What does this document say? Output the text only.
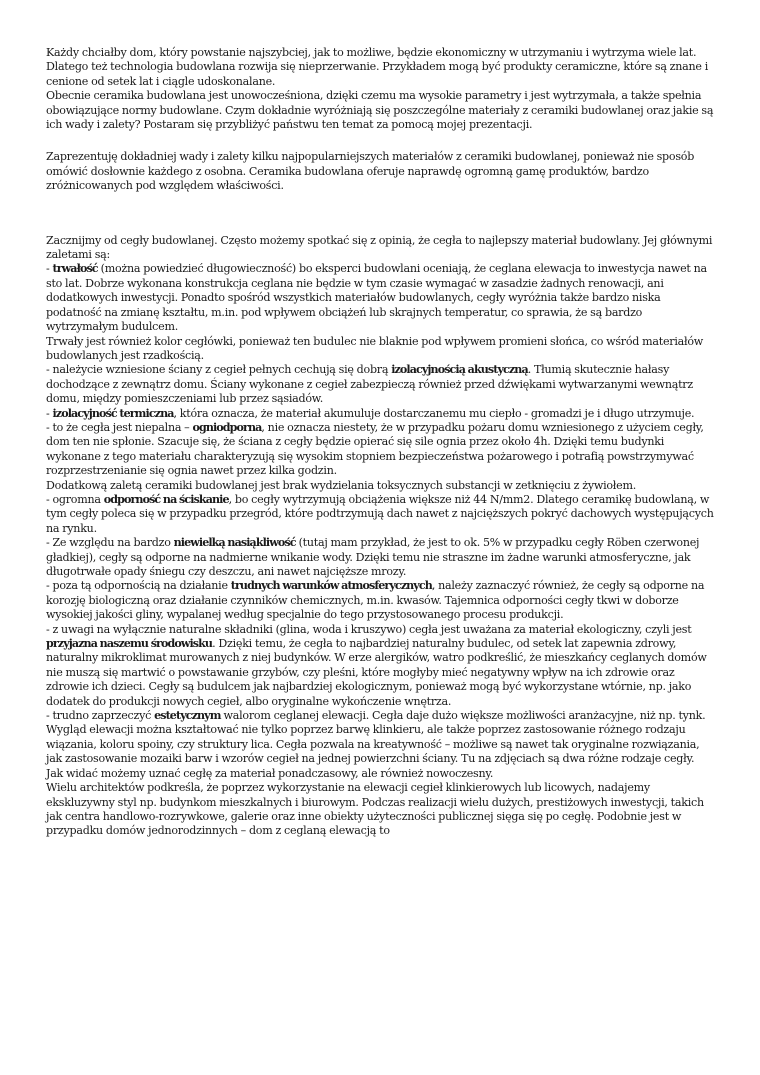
Każdy chciałby dom, który powstanie najszybciej, jak to możliwe, będzie ekonomiczny w utrzymaniu i wytrzyma wiele lat. Dlatego też technologia budowlana rozwija się nieprzerwanie. Przykładem mogą być produkty ceramiczne, które są znane i cenione od setek lat i ciągle udoskonalane.

Obecnie ceramika budowlana jest unowocześniona, dzięki czemu ma wysokie parametry i jest wytrzymała, a także spełnia obowiązujące normy budowlane. Czym dokładnie wyróżniają się poszczególne materiały z ceramiki budowlanej oraz jakie są ich wady i zalety? Postaram się przybliżyć państwu ten temat za pomocą mojej prezentacji.

Zaprezentuję dokładniej wady i zalety kilku najpopularniejszych materiałów z ceramiki budowlanej, ponieważ nie sposób omówić dosłownie każdego z osobna. Ceramika budowlana oferuje naprawdę ogromną gamę produktów, bardzo zróżnicowanych pod względem właściwości.

Zacznijmy od cegły budowlanej. Często możemy spotkać się z opinią, że cegła to najlepszy materiał budowlany. Jej głównymi zaletami są:

- trwałość (można powiedzieć długowieczność) bo eksperci budowlani oceniają, że ceglana elewacja to inwestycja nawet na sto lat. Dobrze wykonana konstrukcja ceglana nie będzie w tym czasie wymagać w zasadzie żadnych renowacji, ani dodatkowych inwestycji. Ponadto spośród wszystkich materiałów budowlanych, cegły wyróżnia także bardzo niska podatność na zmianę kształtu, m.in. pod wpływem obciążeń lub skrajnych temperatur, co sprawia, że są bardzo wytrzymałym budulcem.

Trwały jest również kolor cegłówki, ponieważ ten budulec nie blaknie pod wpływem promieni słońca, co wśród materiałów budowlanych jest rzadkością.

- należycie wzniesione ściany z cegieł pełnych cechują się dobrą izolacyjnością akustyczną. Tłumią skutecznie hałasy dochodzące z zewnątrz domu. Ściany wykonane z cegieł zabezpieczą również przed dźwiękami wytwarzanymi wewnątrz domu, między pomieszczeniami lub przez sąsiadów.

- izolacyjność termiczna, która oznacza, że materiał akumuluje dostarczanemu mu ciepło - gromadzi je i długo utrzymuje.

- to że cegła jest niepalna – ogniodporna, nie oznacza niestety, że w przypadku pożaru domu wzniesionego z użyciem cegły, dom ten nie spłonie. Szacuje się, że ściana z cegły będzie opierać się sile ognia przez około 4h. Dzięki temu budynki wykonane z tego materiału charakteryzują się wysokim stopniem bezpieczeństwa pożarowego i potrafią powstrzymywać rozprzestrzenianie się ognia nawet przez kilka godzin.

Dodatkową zaletą ceramiki budowlanej jest brak wydzielania toksycznych substancji w zetknięciu z żywiołem.

- ogromna odporność na ściskanie, bo cegły wytrzymują obciążenia większe niż 44 N/mm2. Dlatego ceramikę budowlaną, w tym cegły poleca się w przypadku przegród, które podtrzymują dach nawet z najcięższych pokryć dachowych występujących na rynku.

- Ze względu na bardzo niewielką nasiąkliwość (tutaj mam przykład, że jest to ok. 5% w przypadku cegły Röben czerwonej gładkiej), cegły są odporne na nadmierne wnikanie wody. Dzięki temu nie straszne im żadne warunki atmosferyczne, jak długotrwałe opady śniegu czy deszczu, ani nawet najcięższe mrozy.

- poza tą odpornością na działanie trudnych warunków atmosferycznych, należy zaznaczyć również, że cegły są odporne na korozję biologiczną oraz działanie czynników chemicznych, m.in. kwasów. Tajemnica odporności cegły tkwi w doborze wysokiej jakości gliny, wypalanej według specjalnie do tego przystosowanego procesu produkcji.

- z uwagi na wyłącznie naturalne składniki (glina, woda i kruszywo) cegła jest uważana za materiał ekologiczny, czyli jest przyjazna naszemu środowisku. Dzięki temu, że cegła to najbardziej naturalny budulec, od setek lat zapewnia zdrowy, naturalny mikroklimat murowanych z niej budynków. W erze alergików, watro podkreślić, że mieszkańcy ceglanych domów nie muszą się martwić o powstawanie grzybów, czy pleśni, które mogłyby mieć negatywny wpływ na ich zdrowie oraz zdrowie ich dzieci. Cegły są budulcem jak najbardziej ekologicznym, ponieważ mogą być wykorzystane wtórnie, np. jako dodatek do produkcji nowych cegieł, albo oryginalne wykończenie wnętrza.

- trudno zaprzeczyć estetycznym walorom ceglanej elewacji. Cegła daje dużo większe możliwości aranżacyjne, niż np. tynk. Wygląd elewacji można kształtować nie tylko poprzez barwę klinkieru, ale także poprzez zastosowanie różnego rodzaju wiązania, koloru spoiny, czy struktury lica. Cegła pozwala na kreatywność – możliwe są nawet tak oryginalne rozwiązania, jak zastosowanie mozaiki barw i wzorów cegieł na jednej powierzchni ściany. Tu na zdjęciach są dwa różne rodzaje cegły. Jak widać możemy uznać cegłę za materiał ponadczasowy, ale również nowoczesny.

Wielu architektów podkreśla, że poprzez wykorzystanie na elewacji cegieł klinkierowych lub licowych, nadajemy ekskluzywny styl np. budynkom mieszkalnych i biurowym. Podczas realizacji wielu dużych, prestiżowych inwestycji, takich jak centra handlowo-rozrywkowe, galerie oraz inne obiekty użyteczności publicznej sięga się po cegłę. Podobnie jest w przypadku domów jednorodzinnych – dom z ceglaną elewacją to
